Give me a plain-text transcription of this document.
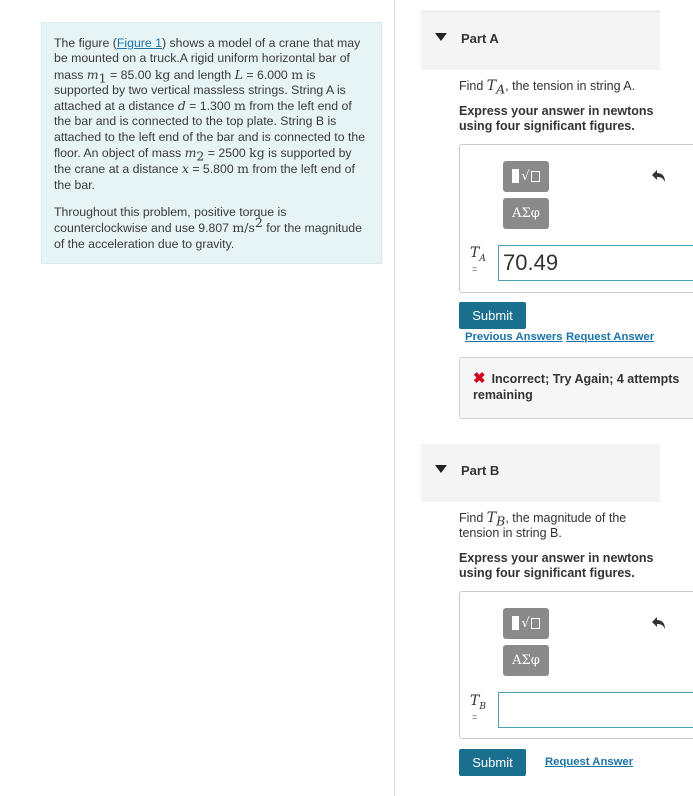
The figure (Figure 1) shows a model of a crane that may be mounted on a truck.A rigid uniform horizontal bar of mass $m_1 = 85.00$ kg and length L = 6.000 m is supported by two vertical massless strings. String A is attached at a distance d = 1.300 m from the left end of the bar and is connected to the top plate. String B is attached to the left end of the bar and is connected to the floor. An object of mass $m_2 = 2500$ kg is supported by the crane at a distance x = 5.800 m from the left end of the bar.

Throughout this problem, positive torque is counterclockwise and use 9.807 $m/s^2$ for the magnitude of the acceleration due to gravity.

Part A
Find $T_A$, the tension in string A.
Express your answer in newtons using four significant figures.
√
ΑΣφ
$T_A$
= 70.49
Submit
Previous Answers Request Answer
✖ Incorrect; Try Again; 4 attempts remaining
Part B
Find $T_B$, the magnitude of the tension in string B.
Express your answer in newtons using four significant figures.
√
ΑΣφ
$T_B$
=
Submit	Request Answer
